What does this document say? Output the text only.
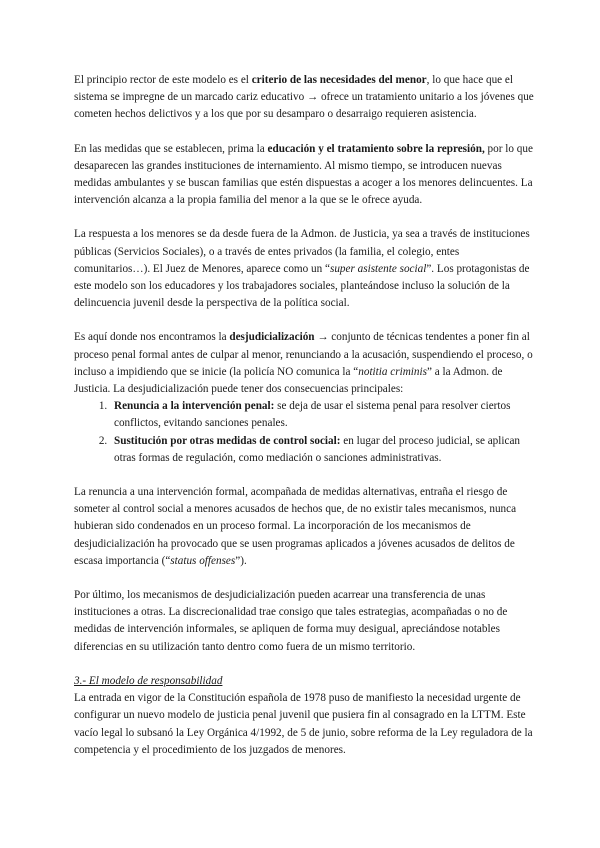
El principio rector de este modelo es el criterio de las necesidades del menor, lo que hace que el sistema se impregne de un marcado cariz educativo → ofrece un tratamiento unitario a los jóvenes que cometen hechos delictivos y a los que por su desamparo o desarraigo requieren asistencia.

En las medidas que se establecen, prima la educación y el tratamiento sobre la represión, por lo que desaparecen las grandes instituciones de internamiento. Al mismo tiempo, se introducen nuevas medidas ambulantes y se buscan familias que estén dispuestas a acoger a los menores delincuentes. La intervención alcanza a la propia familia del menor a la que se le ofrece ayuda.

La respuesta a los menores se da desde fuera de la Admon. de Justicia, ya sea a través de instituciones públicas (Servicios Sociales), o a través de entes privados (la familia, el colegio, entes comunitarios…). El Juez de Menores, aparece como un “super asistente social”. Los protagonistas de este modelo son los educadores y los trabajadores sociales, planteándose incluso la solución de la delincuencia juvenil desde la perspectiva de la política social.

Es aquí donde nos encontramos la desjudicialización → conjunto de técnicas tendentes a poner fin al proceso penal formal antes de culpar al menor, renunciando a la acusación, suspendiendo el proceso, o incluso a impidiendo que se inicie (la policía NO comunica la “notitia criminis” a la Admon. de Justicia. La desjudicialización puede tener dos consecuencias principales:

1. Renuncia a la intervención penal: se deja de usar el sistema penal para resolver ciertos conflictos, evitando sanciones penales.
2. Sustitución por otras medidas de control social: en lugar del proceso judicial, se aplican otras formas de regulación, como mediación o sanciones administrativas.

La renuncia a una intervención formal, acompañada de medidas alternativas, entraña el riesgo de someter al control social a menores acusados de hechos que, de no existir tales mecanismos, nunca hubieran sido condenados en un proceso formal. La incorporación de los mecanismos de desjudicialización ha provocado que se usen programas aplicados a jóvenes acusados de delitos de escasa importancia (“status offenses”).

Por último, los mecanismos de desjudicialización pueden acarrear una transferencia de unas instituciones a otras. La discrecionalidad trae consigo que tales estrategias, acompañadas o no de medidas de intervención informales, se apliquen de forma muy desigual, apreciándose notables diferencias en su utilización tanto dentro como fuera de un mismo territorio.

3.- El modelo de responsabilidad

La entrada en vigor de la Constitución española de 1978 puso de manifiesto la necesidad urgente de configurar un nuevo modelo de justicia penal juvenil que pusiera fin al consagrado en la LTTM. Este vacío legal lo subsanó la Ley Orgánica 4/1992, de 5 de junio, sobre reforma de la Ley reguladora de la competencia y el procedimiento de los juzgados de menores.
